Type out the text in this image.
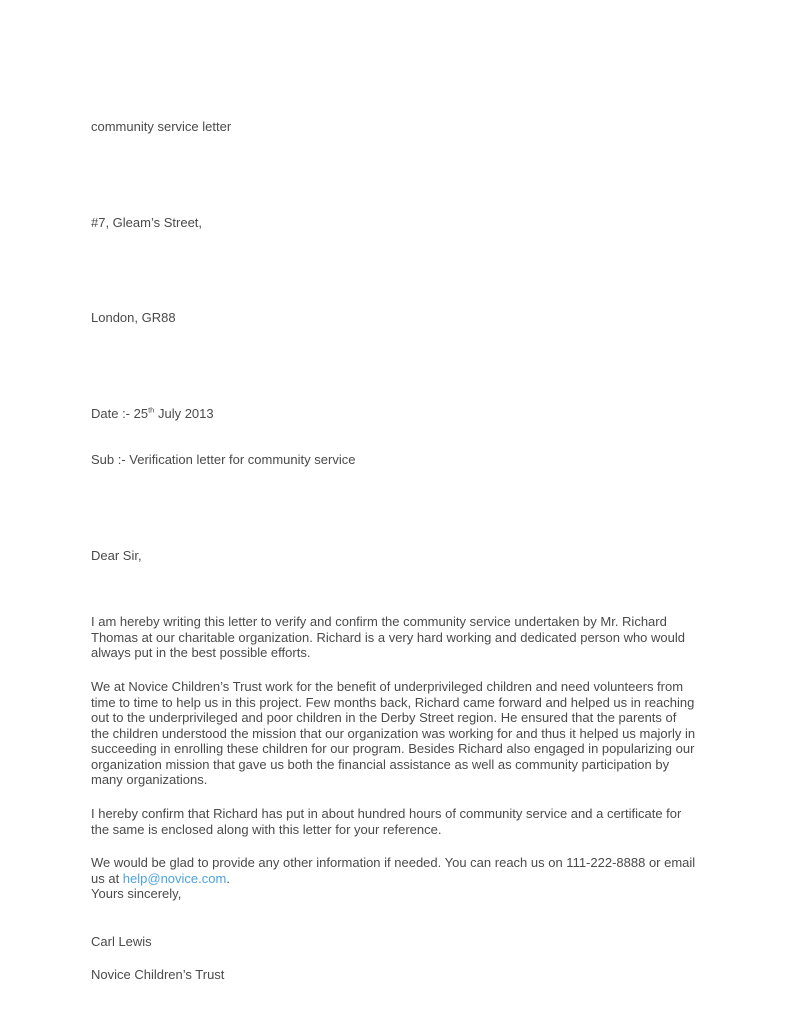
community service letter

#7, Gleam’s Street,

London, GR88

Date :- 25th July 2013

Sub :- Verification letter for community service

Dear Sir,

I am hereby writing this letter to verify and confirm the community service undertaken by Mr. Richard Thomas at our charitable organization. Richard is a very hard working and dedicated person who would always put in the best possible efforts.

We at Novice Children’s Trust work for the benefit of underprivileged children and need volunteers from time to time to help us in this project. Few months back, Richard came forward and helped us in reaching out to the underprivileged and poor children in the Derby Street region. He ensured that the parents of the children understood the mission that our organization was working for and thus it helped us majorly in succeeding in enrolling these children for our program. Besides Richard also engaged in popularizing our organization mission that gave us both the financial assistance as well as community participation by many organizations.

I hereby confirm that Richard has put in about hundred hours of community service and a certificate for the same is enclosed along with this letter for your reference.

We would be glad to provide any other information if needed. You can reach us on 111-222-8888 or email us at help@novice.com.

Yours sincerely,
Carl Lewis
Novice Children’s Trust
